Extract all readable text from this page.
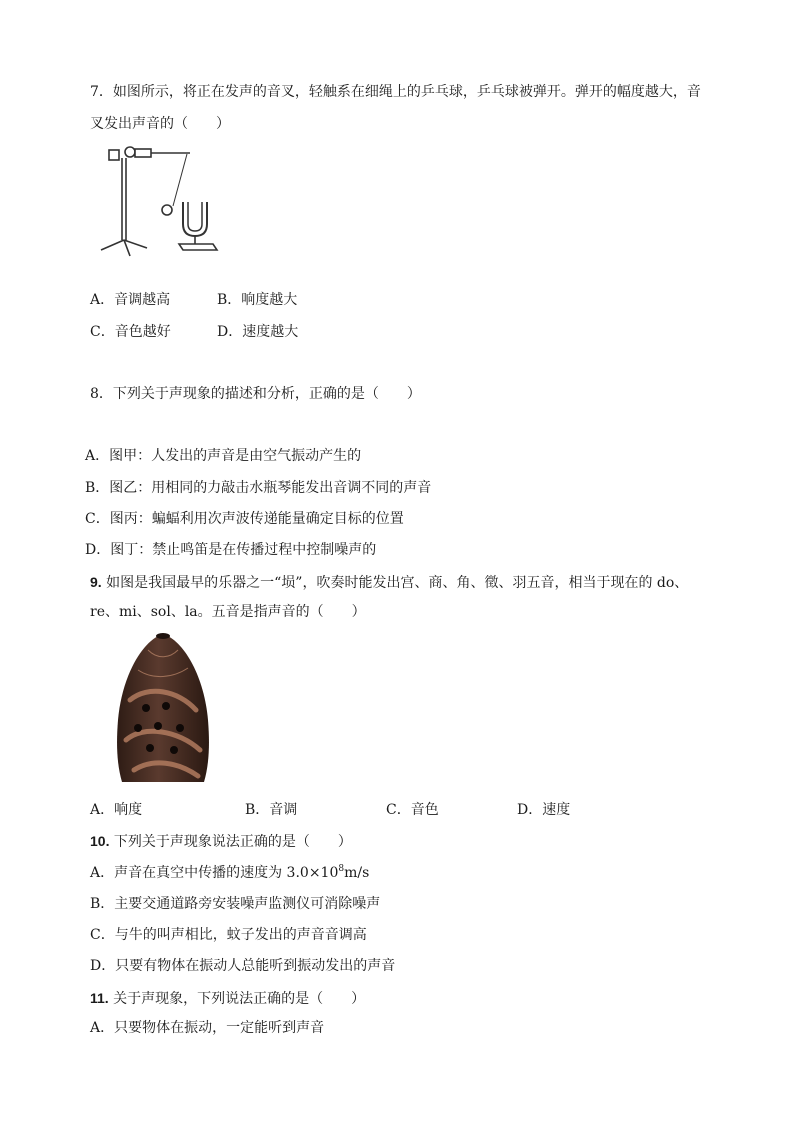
7．如图所示，将正在发声的音叉，轻触系在细绳上的乒乓球，乒乓球被弹开。弹开的幅度越大，音
叉发出声音的（　　）
A．音调越高	B．响度越大
C．音色越好	D．速度越大
8．下列关于声现象的描述和分析，正确的是（　　）
A．图甲：人发出的声音是由空气振动产生的
B．图乙：用相同的力敲击水瓶琴能发出音调不同的声音
C．图丙：蝙蝠利用次声波传递能量确定目标的位置
D．图丁：禁止鸣笛是在传播过程中控制噪声的
9. 如图是我国最早的乐器之一“埙”，吹奏时能发出宫、商、角、徵、羽五音，相当于现在的 do、
re、mi、sol、la。五音是指声音的（　　）
A．响度	B．音调	C．音色	D．速度
10. 下列关于声现象说法正确的是（　　）
A．声音在真空中传播的速度为 $3.0\times 10^8m/s$
B．主要交通道路旁安装噪声监测仪可消除噪声
C．与牛的叫声相比，蚊子发出的声音音调高
D．只要有物体在振动人总能听到振动发出的声音
11. 关于声现象，下列说法正确的是（　　）
A．只要物体在振动，一定能听到声音
